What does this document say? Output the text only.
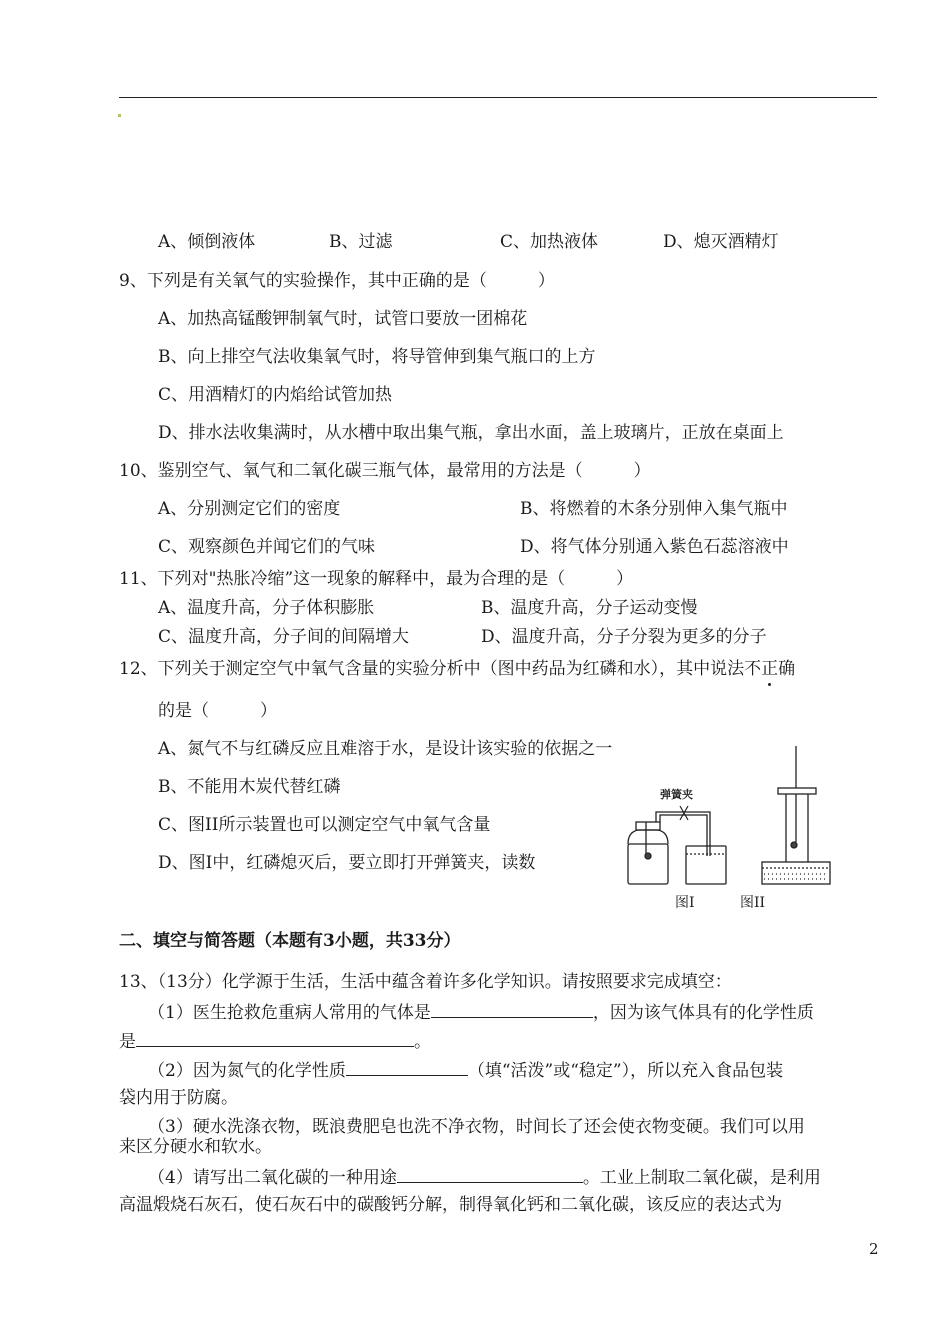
A、倾倒液体	B、过滤	C、加热液体	D、熄灭酒精灯
9、下列是有关氧气的实验操作，其中正确的是（　　　）
A、加热高锰酸钾制氧气时，试管口要放一团棉花
B、向上排空气法收集氧气时，将导管伸到集气瓶口的上方
C、用酒精灯的内焰给试管加热
D、排水法收集满时，从水槽中取出集气瓶，拿出水面，盖上玻璃片，正放在桌面上
10、鉴别空气、氧气和二氧化碳三瓶气体，最常用的方法是（　　　）
A、分别测定它们的密度	B、将燃着的木条分别伸入集气瓶中
C、观察颜色并闻它们的气味	D、将气体分别通入紫色石蕊溶液中
11、下列对"热胀冷缩”这一现象的解释中，最为合理的是（　　　）
A、温度升高，分子体积膨胀	B、温度升高，分子运动变慢
C、温度升高，分子间的间隔增大	D、温度升高，分子分裂为更多的分子
12、下列关于测定空气中氧气含量的实验分析中（图中药品为红磷和水），其中说法不正确
的是（　　　）
A、氮气不与红磷反应且难溶于水，是设计该实验的依据之一
B、不能用木炭代替红磷
C、图II所示装置也可以测定空气中氧气含量
D、图I中，红磷熄灭后，要立即打开弹簧夹，读数
弹簧夹
图I	图II
二、填空与简答题（本题有3小题，共33分）
13、（13分）化学源于生活，生活中蕴含着许多化学知识。请按照要求完成填空：
（1）医生抢救危重病人常用的气体是	，因为该气体具有的化学性质
是	。
（2）因为氮气的化学性质	（填“活泼”或“稳定”），所以充入食品包装
袋内用于防腐。
（3）硬水洗涤衣物，既浪费肥皂也洗不净衣物，时间长了还会使衣物变硬。我们可以用
来区分硬水和软水。
（4）请写出二氧化碳的一种用途	。工业上制取二氧化碳，是利用
高温煅烧石灰石，使石灰石中的碳酸钙分解，制得氧化钙和二氧化碳，该反应的表达式为
2
